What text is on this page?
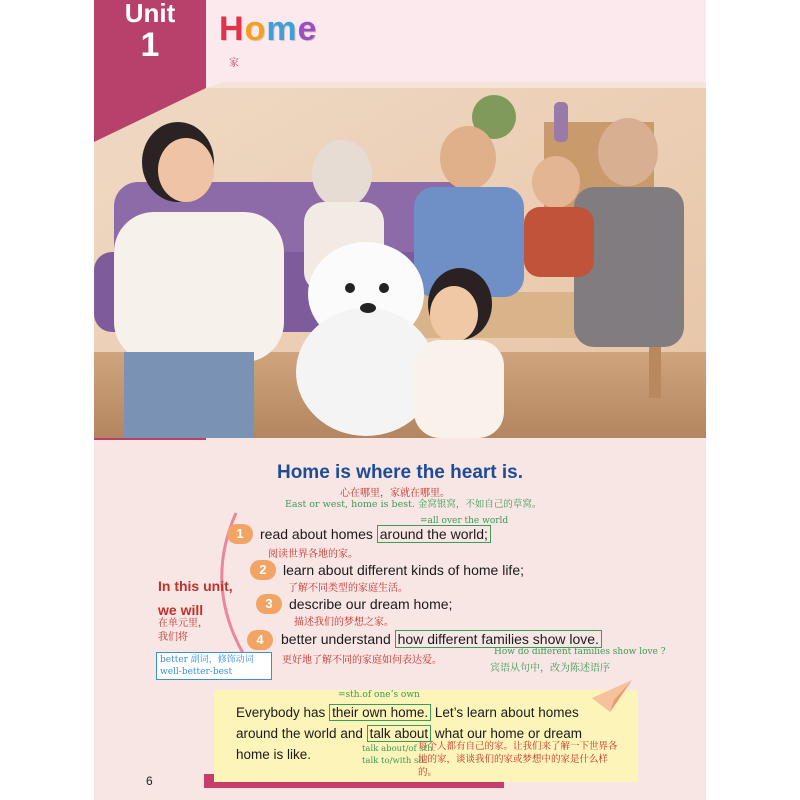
Unit
1	Home
家
Home is where the heart is.
心在哪里，家就在哪里。
East or west, home is best. 金窝银窝，不如自己的草窝。
In this unit,
we will
在单元里，
我们将
=all over the world
1	read about homes around the world;
阅读世界各地的家。
2	learn about different kinds of home life;
了解不同类型的家庭生活。
3	describe our dream home;
描述我们的梦想之家。
4	better understand how different families show love.
更好地了解不同的家庭如何表达爱。
How do different families show love ?
宾语从句中，改为陈述语序
better 副词，修饰动词
well-better-best
=sth.of one’s own
Everybody has their own home. Let’s learn about homes around the world and talk about what our home or dream home is like.	talk about/of sth.
talk to/with sb.
每个人都有自己的家。让我们来了解一下世界各地的家，谈谈我们的家或梦想中的家是什么样的。
6
